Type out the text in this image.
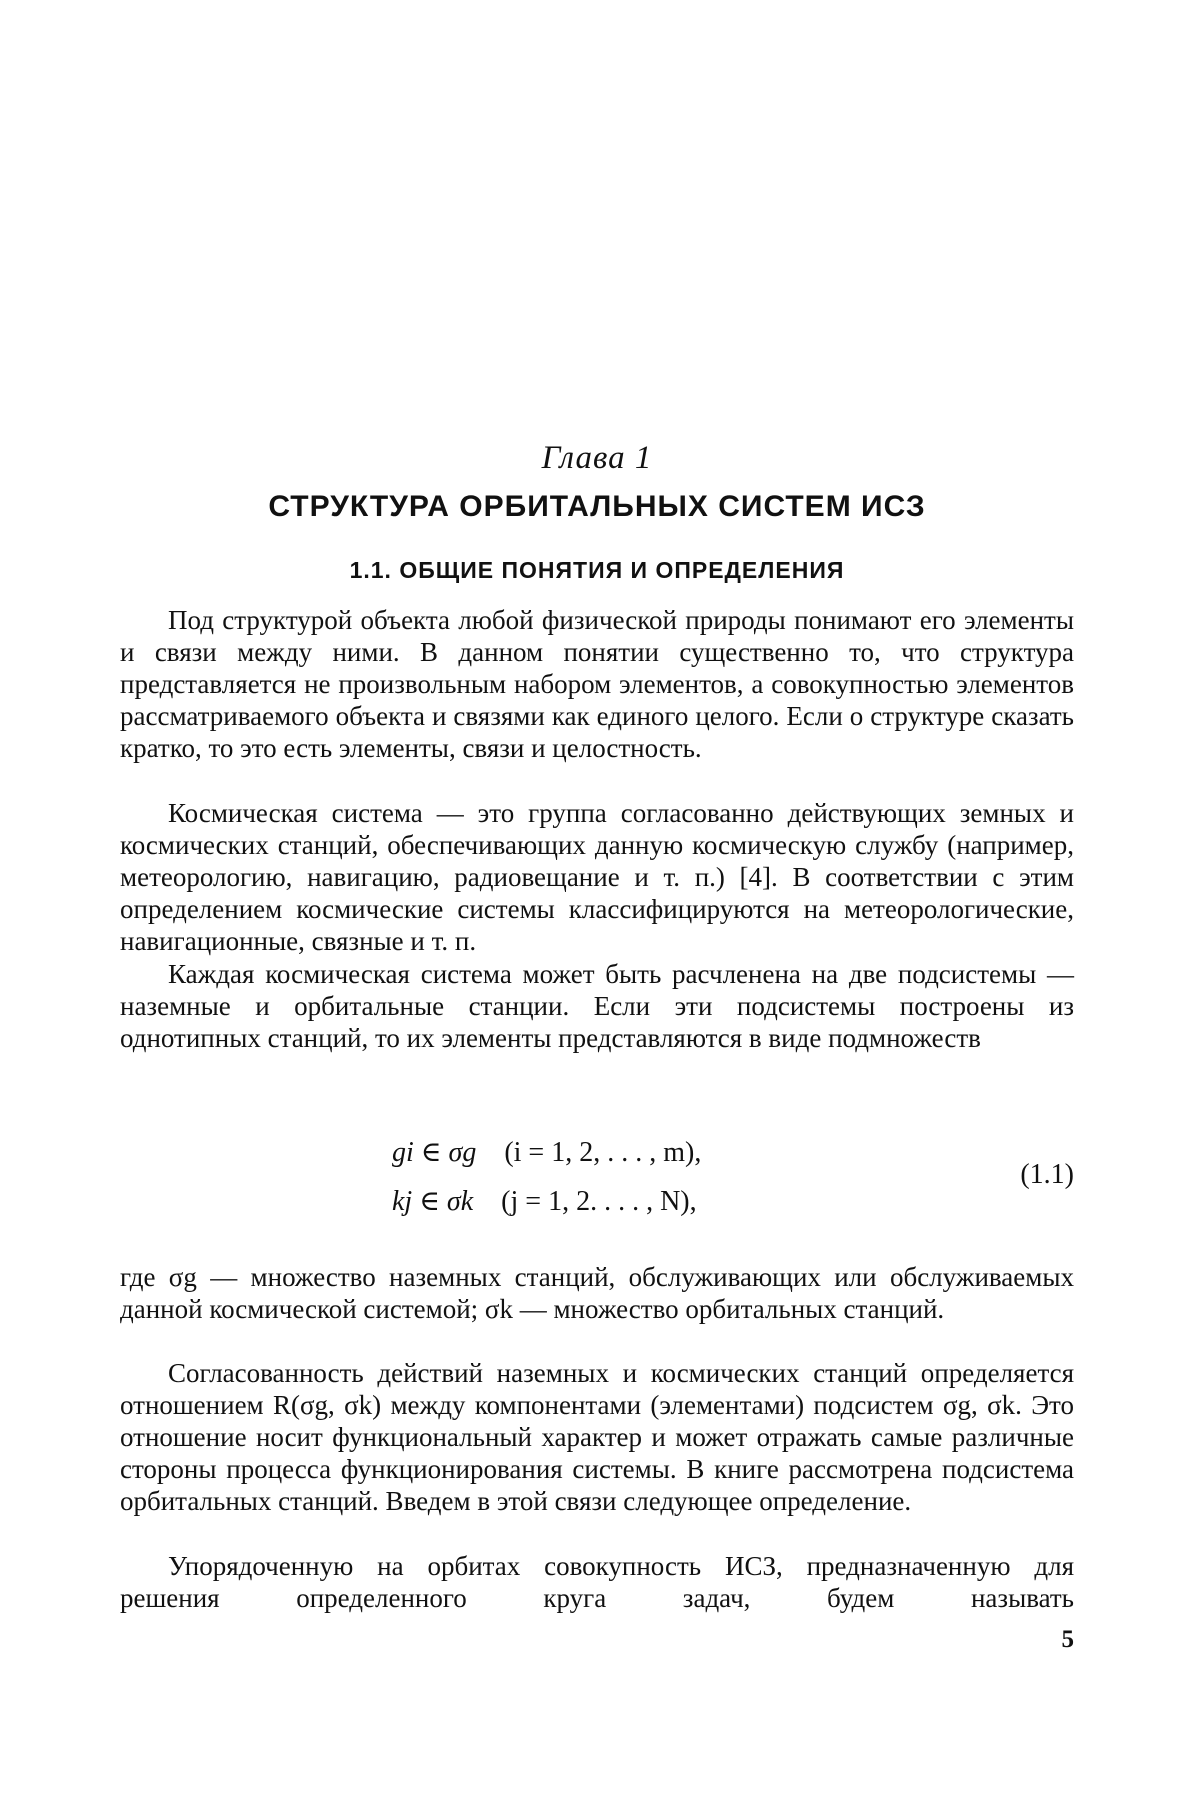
Глава 1
СТРУКТУРА ОРБИТАЛЬНЫХ СИСТЕМ ИСЗ
1.1. ОБЩИЕ ПОНЯТИЯ И ОПРЕДЕЛЕНИЯ
Под структурой объекта любой физической природы понимают его элементы и связи между ними. В данном понятии существенно то, что структура представляется не произвольным набором элементов, а совокупностью элементов рассматриваемого объекта и связями как единого целого. Если о структуре сказать кратко, то это есть элементы, связи и целостность.
Космическая система — это группа согласованно действующих земных и космических станций, обеспечивающих данную космическую службу (например, метеорологию, навигацию, радиовещание и т. п.) [4]. В соответствии с этим определением космические системы классифицируются на метеорологические, навигационные, связные и т. п.
Каждая космическая система может быть расчленена на две подсистемы — наземные и орбитальные станции. Если эти подсистемы построены из однотипных станций, то их элементы представляются в виде подмножеств
gi ∈ σg (i = 1, 2, . . . , m),
kj ∈ σk (j = 1, 2. . . . , N),
(1.1)
где σg — множество наземных станций, обслуживающих или обслуживаемых данной космической системой; σk — множество орбитальных станций.
Согласованность действий наземных и космических станций определяется отношением R(σg, σk) между компонентами (элементами) подсистем σg, σk. Это отношение носит функциональный характер и может отражать самые различные стороны процесса функционирования системы. В книге рассмотрена подсистема орбитальных станций. Введем в этой связи следующее определение.
Упорядоченную на орбитах совокупность ИСЗ, предназначенную для решения определенного круга задач, будем называть
5
